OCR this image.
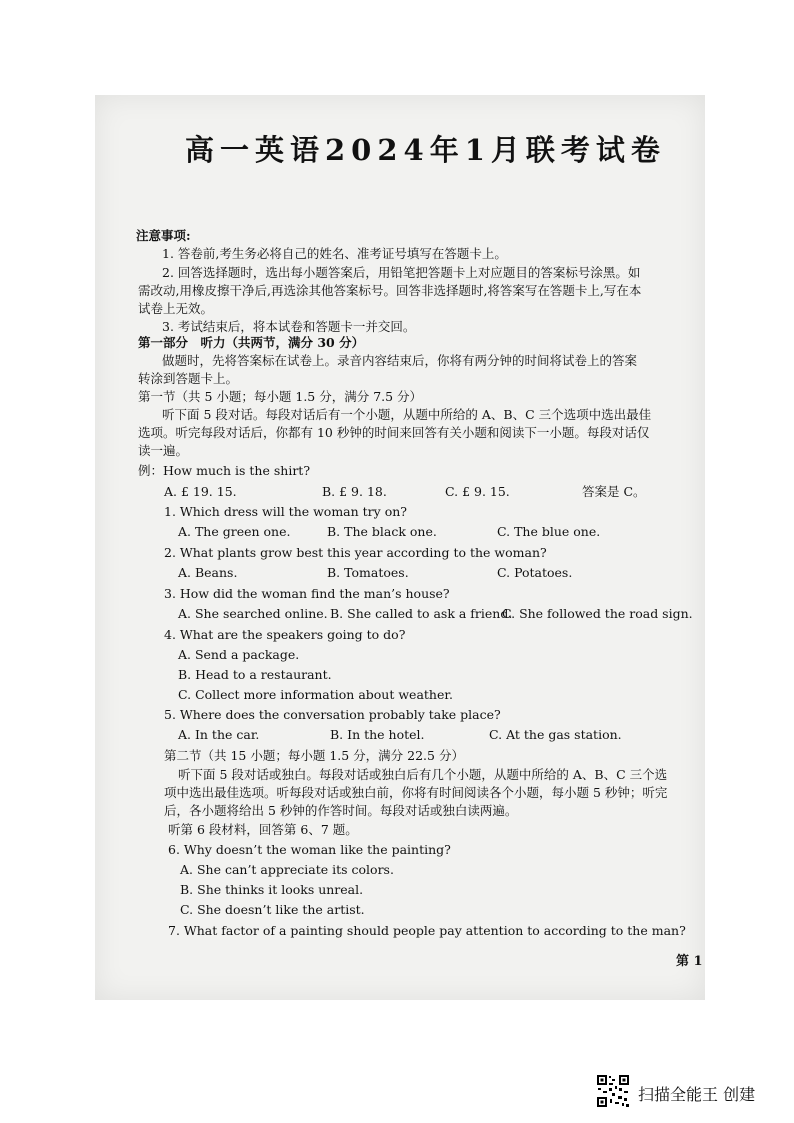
高一英语2024年1月联考试卷
注意事项:
1. 答卷前,考生务必将自己的姓名、准考证号填写在答题卡上。
2. 回答选择题时，选出每小题答案后，用铅笔把答题卡上对应题目的答案标号涂黑。如
需改动,用橡皮擦干净后,再选涂其他答案标号。回答非选择题时,将答案写在答题卡上,写在本
试卷上无效。
3. 考试结束后，将本试卷和答题卡一并交回。
第一部分　听力（共两节，满分 30 分）
做题时，先将答案标在试卷上。录音内容结束后，你将有两分钟的时间将试卷上的答案
转涂到答题卡上。
第一节（共 5 小题；每小题 1.5 分，满分 7.5 分）
听下面 5 段对话。每段对话后有一个小题，从题中所给的 A、B、C 三个选项中选出最佳
选项。听完每段对话后，你都有 10 秒钟的时间来回答有关小题和阅读下一小题。每段对话仅
读一遍。
例：How much is the shirt?
A. £ 19. 15.	B. £ 9. 18.	C. £ 9. 15.	答案是 C。
1. Which dress will the woman try on?
A. The green one.	B. The black one.	C. The blue one.
2. What plants grow best this year according to the woman?
A. Beans.	B. Tomatoes.	C. Potatoes.
3. How did the woman find the man’s house?
A. She searched online. B. She called to ask a friend.
C. She followed the road sign.
4. What are the speakers going to do?
A. Send a package.
B. Head to a restaurant.
C. Collect more information about weather.
5. Where does the conversation probably take place?
A. In the car.	B. In the hotel.	C. At the gas station.
第二节（共 15 小题；每小题 1.5 分，满分 22.5 分）
听下面 5 段对话或独白。每段对话或独白后有几个小题，从题中所给的 A、B、C 三个选
项中选出最佳选项。听每段对话或独白前，你将有时间阅读各个小题，每小题 5 秒钟；听完
后，各小题将给出 5 秒钟的作答时间。每段对话或独白读两遍。
听第 6 段材料，回答第 6、7 题。
6. Why doesn’t the woman like the painting?
A. She can’t appreciate its colors.
B. She thinks it looks unreal.
C. She doesn’t like the artist.
7. What factor of a painting should people pay attention to according to the man?
第 1
扫描全能王 创建
